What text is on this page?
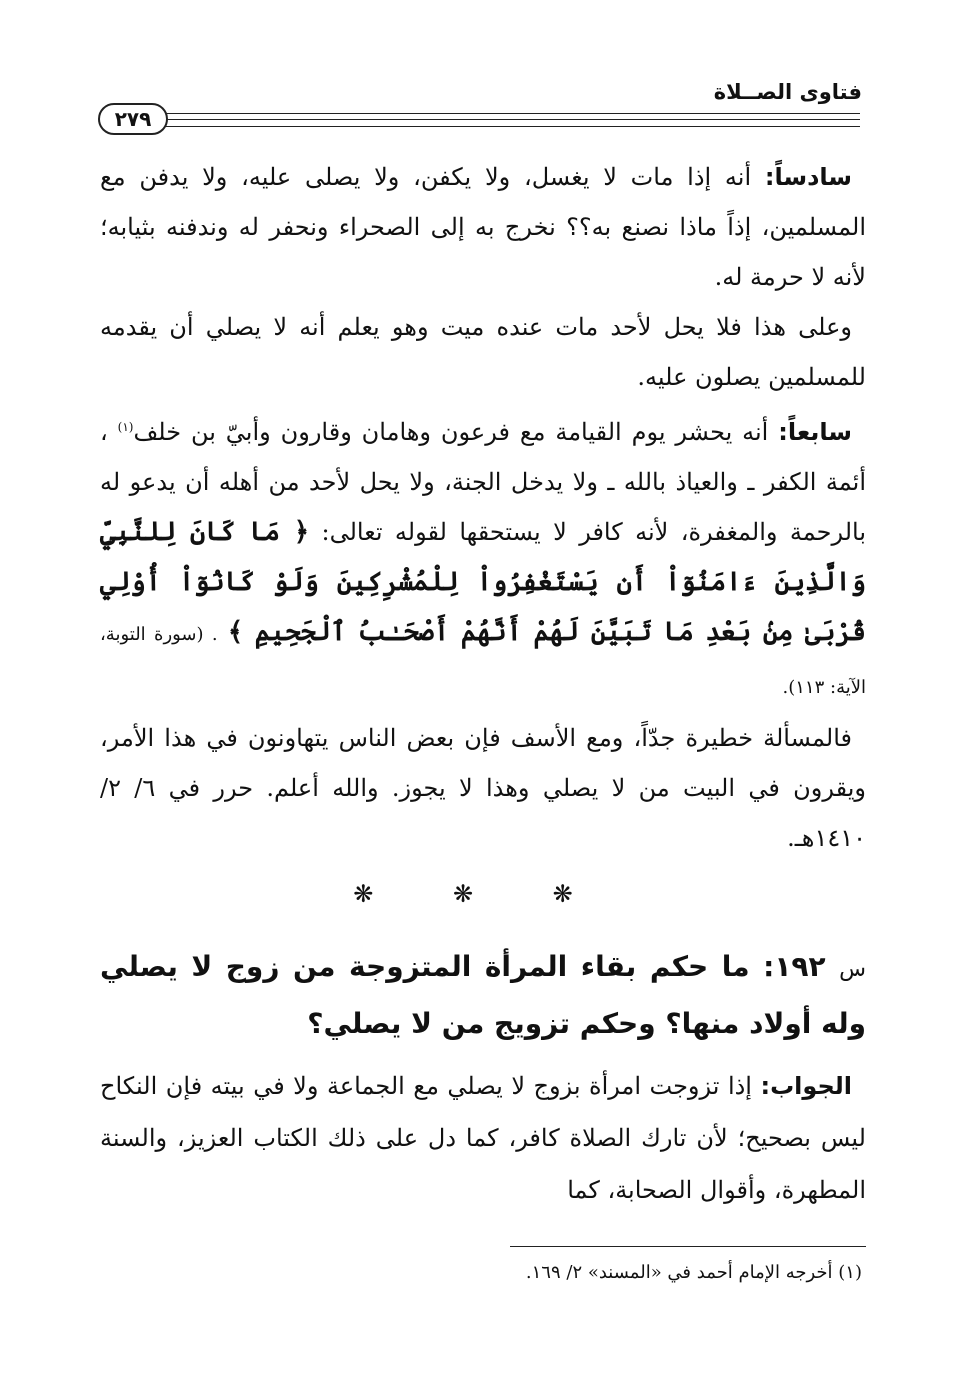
فتاوى الصــلاة
٢٧٩

سادساً: أنه إذا مات لا يغسل، ولا يكفن، ولا يصلى عليه، ولا يدفن مع المسلمين، إذاً ماذا نصنع به؟؟ نخرج به إلى الصحراء ونحفر له وندفنه بثيابه؛ لأنه لا حرمة له.

وعلى هذا فلا يحل لأحد مات عنده ميت وهو يعلم أنه لا يصلي أن يقدمه للمسلمين يصلون عليه.

سابعاً: أنه يحشر يوم القيامة مع فرعون وهامان وقارون وأبيّ بن خلف$^{(١)}$ ، أئمة الكفر ـ والعياذ بالله ـ ولا يدخل الجنة، ولا يحل لأحد من أهله أن يدعو له بالرحمة والمغفرة، لأنه كافر لا يستحقها لقوله تعالى: ﴿ مَا كَانَ لِلنَّبِيِّ وَالَّذِينَ ءَامَنُوٓاْ أَن يَسْتَغْفِرُواْ لِلْمُشْرِكِينَ وَلَوْ كَانُوٓاْ أُوْلِي قُرْبَىٰ مِنۢ بَعْدِ مَا تَبَيَّنَ لَهُمْ أَنَّهُمْ أَصْحَـٰبُ ٱلْجَحِيمِ ﴾ . (سورة التوبة، الآية: ١١٣).

فالمسألة خطيرة جدّاً، ومع الأسف فإن بعض الناس يتهاونون في هذا الأمر، ويقرون في البيت من لا يصلي وهذا لا يجوز. والله أعلم. حرر في ٦/ ٢/ ١٤١٠هـ.

❋ ❋ ❋
س ١٩٢: ما حكم بقاء المرأة المتزوجة من زوج لا يصلي وله أولاد منها؟ وحكم تزويج من لا يصلي؟

الجواب: إذا تزوجت امرأة بزوج لا يصلي مع الجماعة ولا في بيته فإن النكاح ليس بصحيح؛ لأن تارك الصلاة كافر، كما دل على ذلك الكتاب العزيز، والسنة المطهرة، وأقوال الصحابة، كما

(١) أخرجه الإمام أحمد في «المسند» ٢/ ١٦٩.
